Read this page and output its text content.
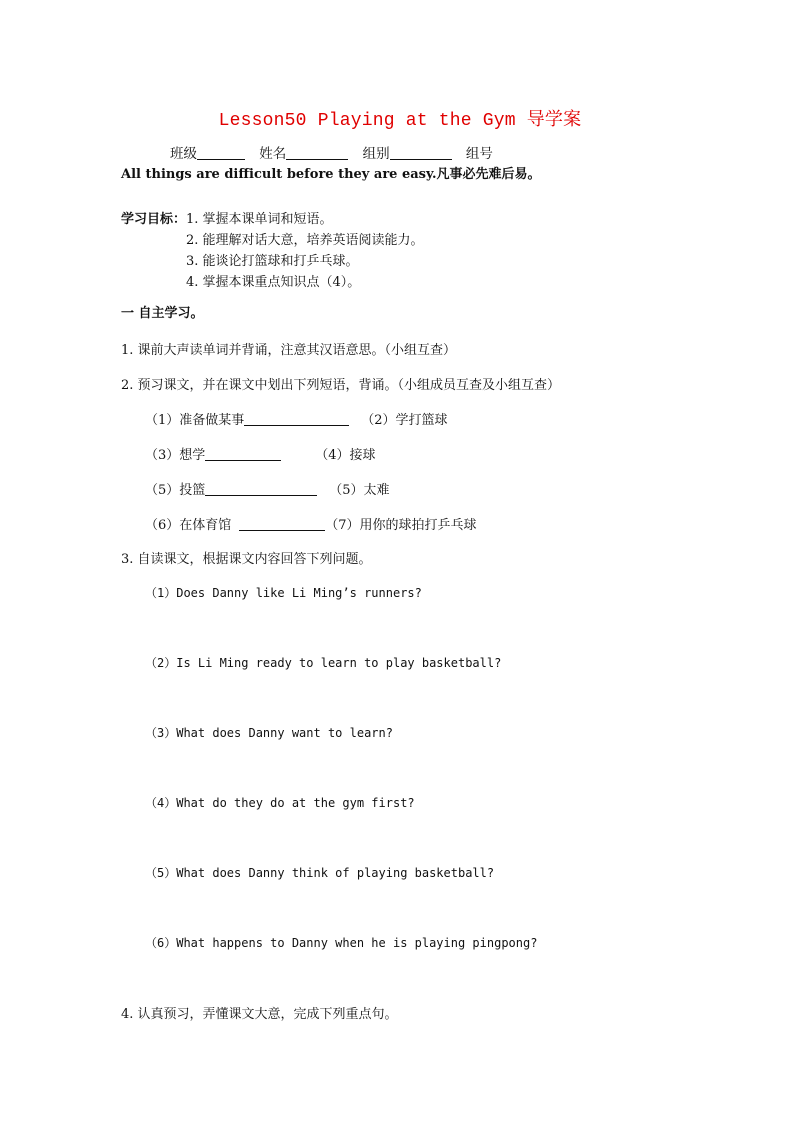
Lesson50 Playing at the Gym 导学案
班级	姓名	组别	组号
All things are difficult before they are easy.凡事必先难后易。
学习目标： 1. 掌握本课单词和短语。
2. 能理解对话大意，培养英语阅读能力。
3. 能谈论打篮球和打乒乓球。
4. 掌握本课重点知识点（4）。
一 自主学习。
1. 课前大声读单词并背诵，注意其汉语意思。（小组互查）
2. 预习课文，并在课文中划出下列短语，背诵。（小组成员互查及小组互查）
（1）准备做某事	（2）学打篮球
（3）想学	（4）接球
（5）投篮	（5）太难
（6）在体育馆	（7）用你的球拍打乒乓球
3. 自读课文，根据课文内容回答下列问题。
（1）Does Danny like Li Ming’s runners?
（2）Is Li Ming ready to learn to play basketball?
（3）What does Danny want to learn?
（4）What do they do at the gym first?
（5）What does Danny think of playing basketball?
（6）What happens to Danny when he is playing pingpong?
4. 认真预习，弄懂课文大意，完成下列重点句。
